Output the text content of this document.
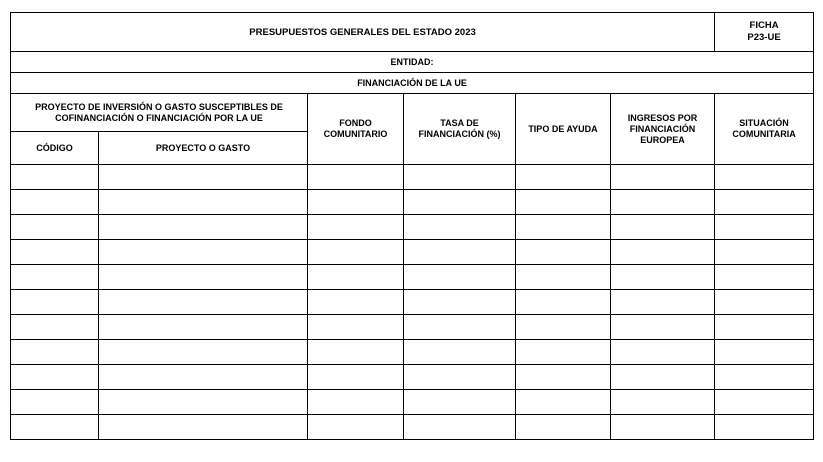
PRESUPUESTOS GENERALES DEL ESTADO 2023						FICHA
P23-UE

ENTIDAD:						
FINANCIACIÓN DE LA UE						
PROYECTO DE INVERSIÓN O GASTO SUSCEPTIBLES DE COFINANCIACIÓN O FINANCIACIÓN POR LA UE		FONDO COMUNITARIO	TASA DE FINANCIACIÓN (%)	TIPO DE AYUDA	INGRESOS POR FINANCIACIÓN EUROPEA	SITUACIÓN COMUNITARIA
CÓDIGO	PROYECTO O GASTO					
